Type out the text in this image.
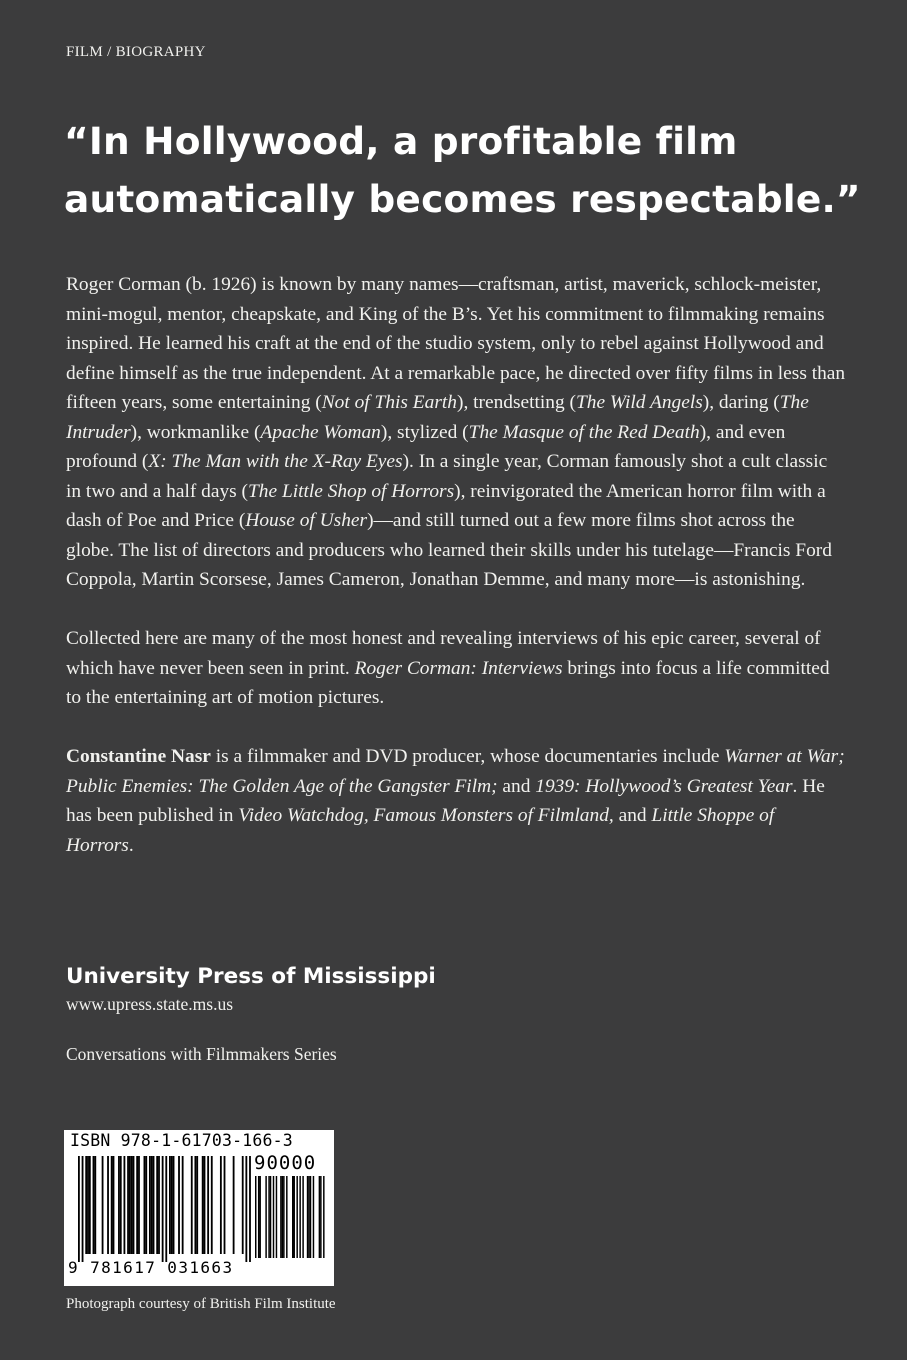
FILM / BIOGRAPHY
“In Hollywood, a profitable film
automatically becomes respectable.”

Roger Corman (b. 1926) is known by many names—craftsman, artist, maverick, schlock-meister, mini-mogul, mentor, cheapskate, and King of the B’s. Yet his commitment to filmmaking remains inspired. He learned his craft at the end of the studio system, only to rebel against Hollywood and define himself as the true independent. At a remarkable pace, he directed over fifty films in less than fifteen years, some entertaining (Not of This Earth), trendsetting (The Wild Angels), daring (The Intruder), workmanlike (Apache Woman), stylized (The Masque of the Red Death), and even profound (X: The Man with the X-Ray Eyes). In a single year, Corman famously shot a cult classic in two and a half days (The Little Shop of Horrors), reinvigorated the American horror film with a dash of Poe and Price (House of Usher)—and still turned out a few more films shot across the globe. The list of directors and producers who learned their skills under his tutelage—Francis Ford Coppola, Martin Scorsese, James Cameron, Jonathan Demme, and many more—is astonishing.

Collected here are many of the most honest and revealing interviews of his epic career, several of which have never been seen in print. Roger Corman: Interviews brings into focus a life committed to the entertaining art of motion pictures.

Constantine Nasr is a filmmaker and DVD producer, whose documentaries include Warner at War; Public Enemies: The Golden Age of the Gangster Film; and 1939: Hollywood’s Greatest Year. He has been published in Video Watchdog, Famous Monsters of Filmland, and Little Shoppe of Horrors.

University Press of Mississippi
www.upress.state.ms.us
Conversations with Filmmakers Series
ISBN 978-1-61703-166-3
90000
9 781617 031663
Photograph courtesy of British Film Institute
